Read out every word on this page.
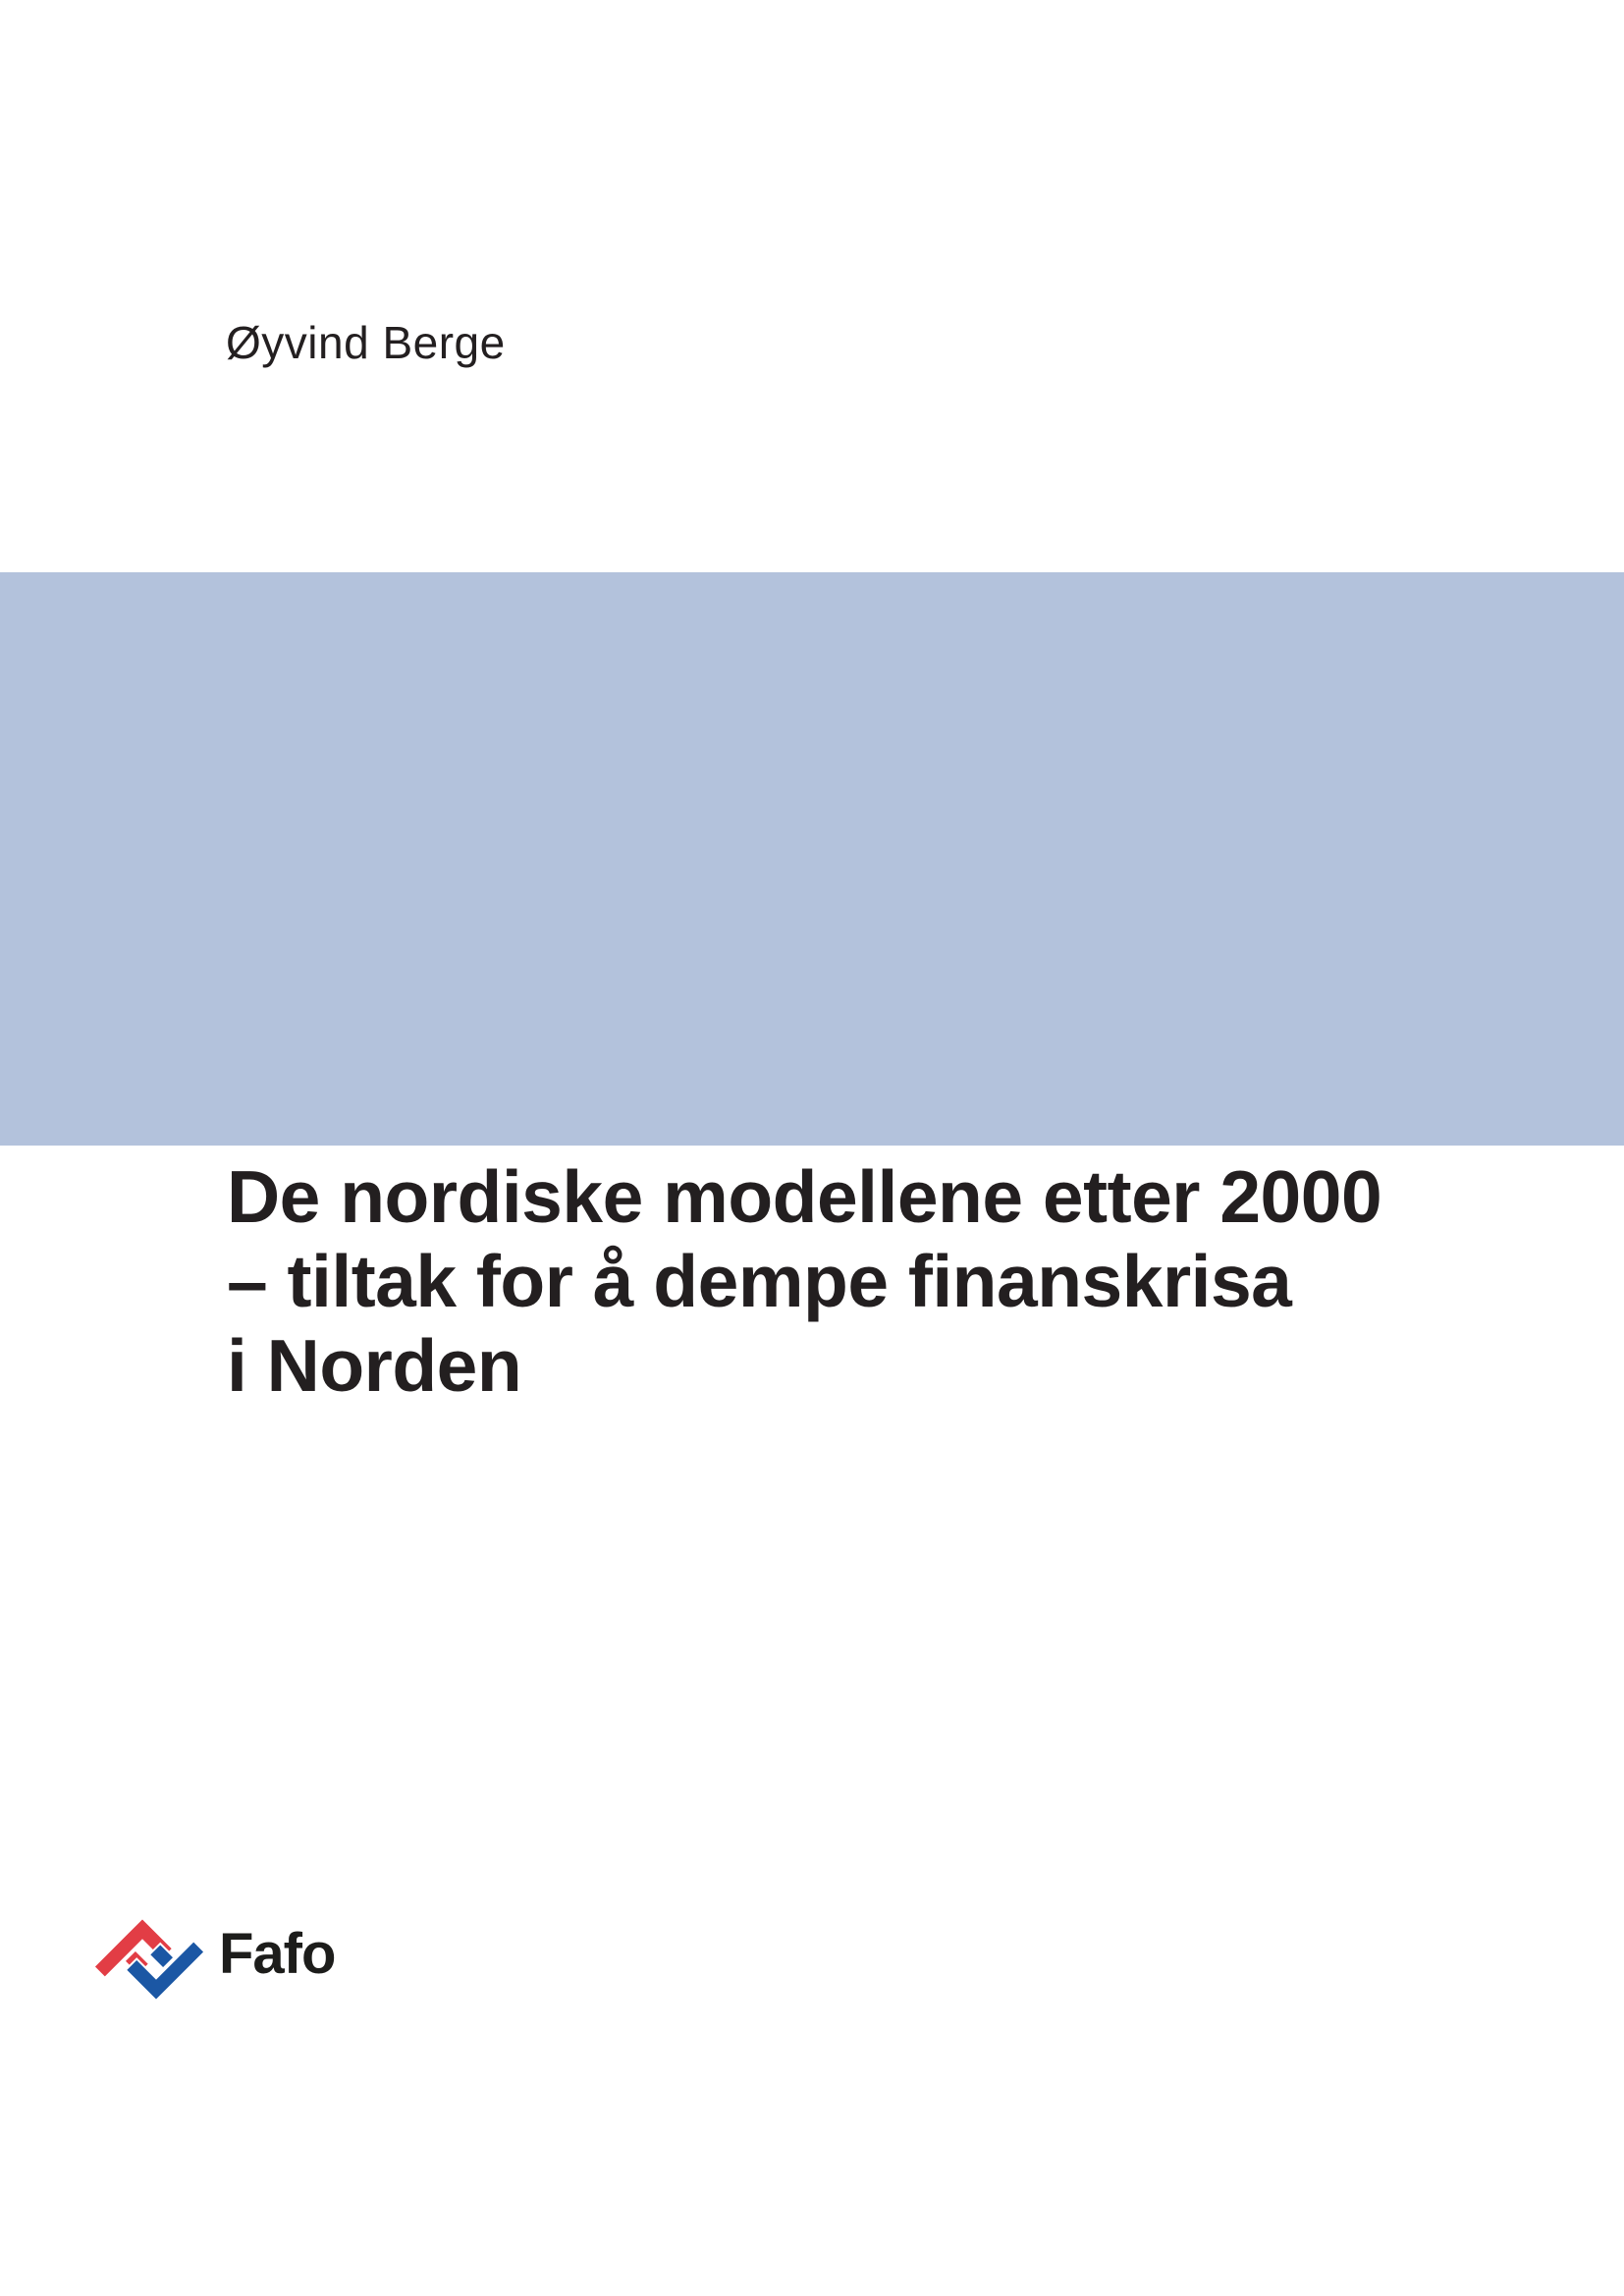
Øyvind Berge
De nordiske modellene etter 2000
– tiltak for å dempe finanskrisa
i Norden
Fafo
